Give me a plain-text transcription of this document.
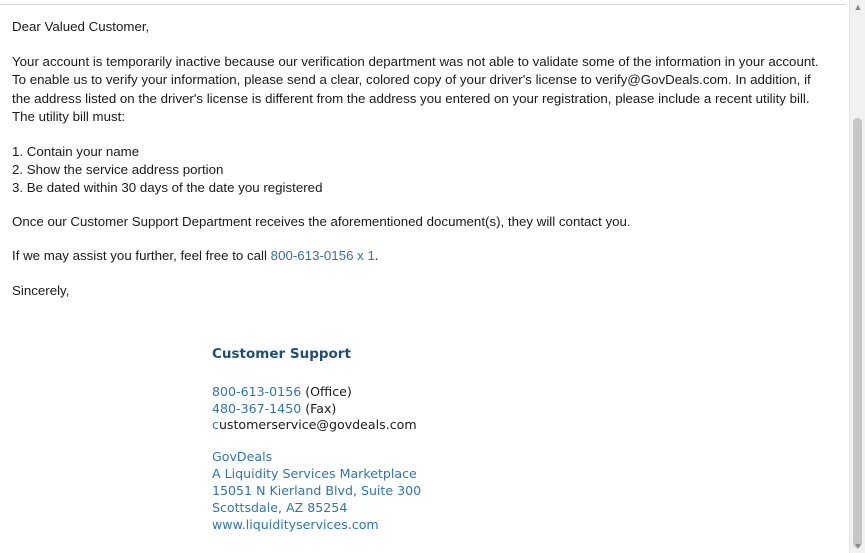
Dear Valued Customer,

Your account is temporarily inactive because our verification department was not able to validate some of the information in your account. To enable us to verify your information, please send a clear, colored copy of your driver's license to verify@GovDeals.com. In addition, if the address listed on the driver's license is different from the address you entered on your registration, please include a recent utility bill. The utility bill must:

1. Contain your name
2. Show the service address portion
3. Be dated within 30 days of the date you registered

Once our Customer Support Department receives the aforementioned document(s), they will contact you.

If we may assist you further, feel free to call 800-613-0156 x 1.

Sincerely,

Customer Support
800-613-0156 (Office)
480-367-1450 (Fax)
customerservice@govdeals.com
GovDeals
A Liquidity Services Marketplace
15051 N Kierland Blvd, Suite 300
Scottsdale, AZ 85254
www.liquidityservices.com
▲
▼
